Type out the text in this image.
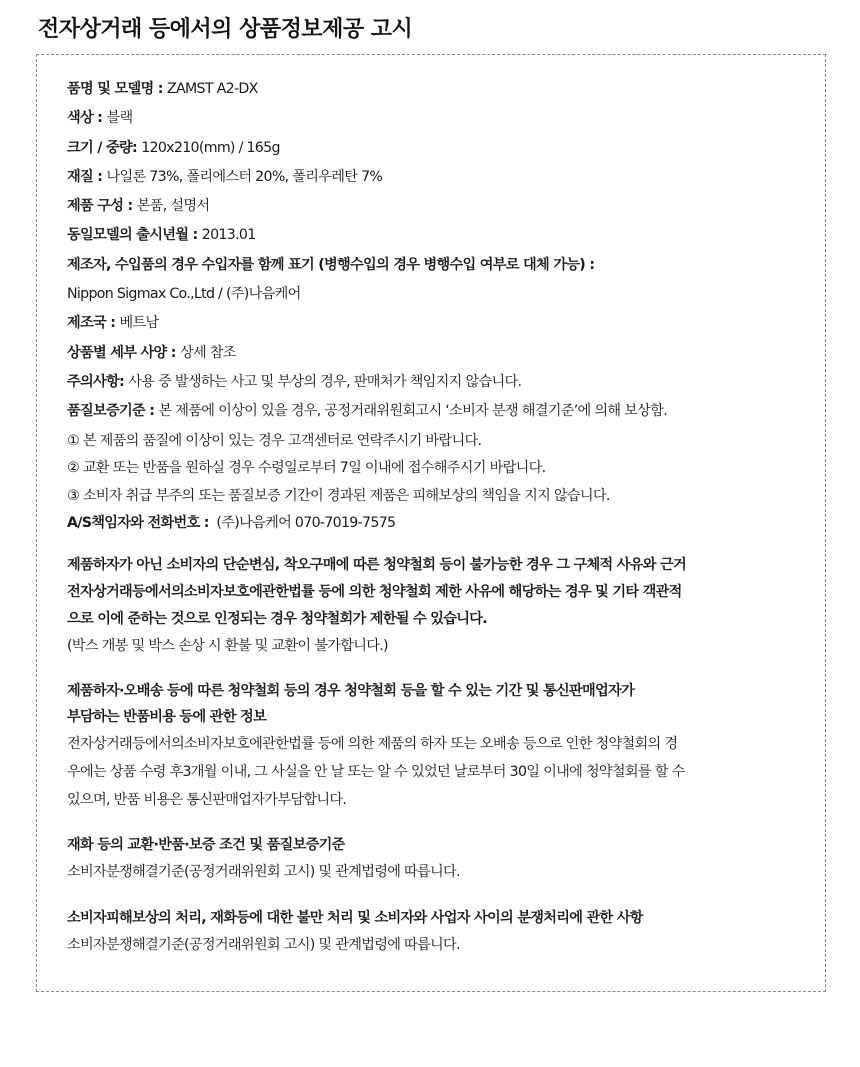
전자상거래 등에서의 상품정보제공 고시
품명 및 모델명 : ZAMST A2-DX
색상 : 블랙
크기 / 중량: 120x210(mm) / 165g
재질 : 나일론 73%, 폴리에스터 20%, 폴리우레탄 7%
제품 구성 : 본품, 설명서
동일모델의 출시년월 : 2013.01
제조자, 수입품의 경우 수입자를 함께 표기 (병행수입의 경우 병행수입 여부로 대체 가능) :
Nippon Sigmax Co.,Ltd / (주)나음케어
제조국 : 베트남
상품별 세부 사양 : 상세 참조
주의사항: 사용 중 발생하는 사고 및 부상의 경우, 판매처가 책임지지 않습니다.
품질보증기준 : 본 제품에 이상이 있을 경우, 공정거래위원회고시 ‘소비자 분쟁 해결기준’에 의해 보상함.
① 본 제품의 품질에 이상이 있는 경우 고객센터로 연락주시기 바랍니다.
② 교환 또는 반품을 원하실 경우 수령일로부터 7일 이내에 접수해주시기 바랍니다.
③ 소비자 취급 부주의 또는 품질보증 기간이 경과된 제품은 피해보상의 책임을 지지 않습니다.
A/S책임자와 전화번호 : (주)나음케어 070-7019-7575
제품하자가 아닌 소비자의 단순변심, 착오구매에 따른 청약철회 등이 불가능한 경우 그 구체적 사유와 근거
전자상거래등에서의소비자보호에관한법률 등에 의한 청약철회 제한 사유에 해당하는 경우 및 기타 객관적
으로 이에 준하는 것으로 인정되는 경우 청약철회가 제한될 수 있습니다.
(박스 개봉 및 박스 손상 시 환불 및 교환이 불가합니다.)
제품하자·오배송 등에 따른 청약철회 등의 경우 청약철회 등을 할 수 있는 기간 및 통신판매업자가
부담하는 반품비용 등에 관한 정보
전자상거래등에서의소비자보호에관한법률 등에 의한 제품의 하자 또는 오배송 등으로 인한 청약철회의 경
우에는 상품 수령 후3개월 이내, 그 사실을 안 날 또는 알 수 있었던 날로부터 30일 이내에 청약철회를 할 수
있으며, 반품 비용은 통신판매업자가부담합니다.
재화 등의 교환·반품·보증 조건 및 품질보증기준
소비자분쟁해결기준(공정거래위원회 고시) 및 관계법령에 따릅니다.
소비자피해보상의 처리, 재화등에 대한 불만 처리 및 소비자와 사업자 사이의 분쟁처리에 관한 사항
소비자분쟁해결기준(공정거래위원회 고시) 및 관계법령에 따릅니다.
